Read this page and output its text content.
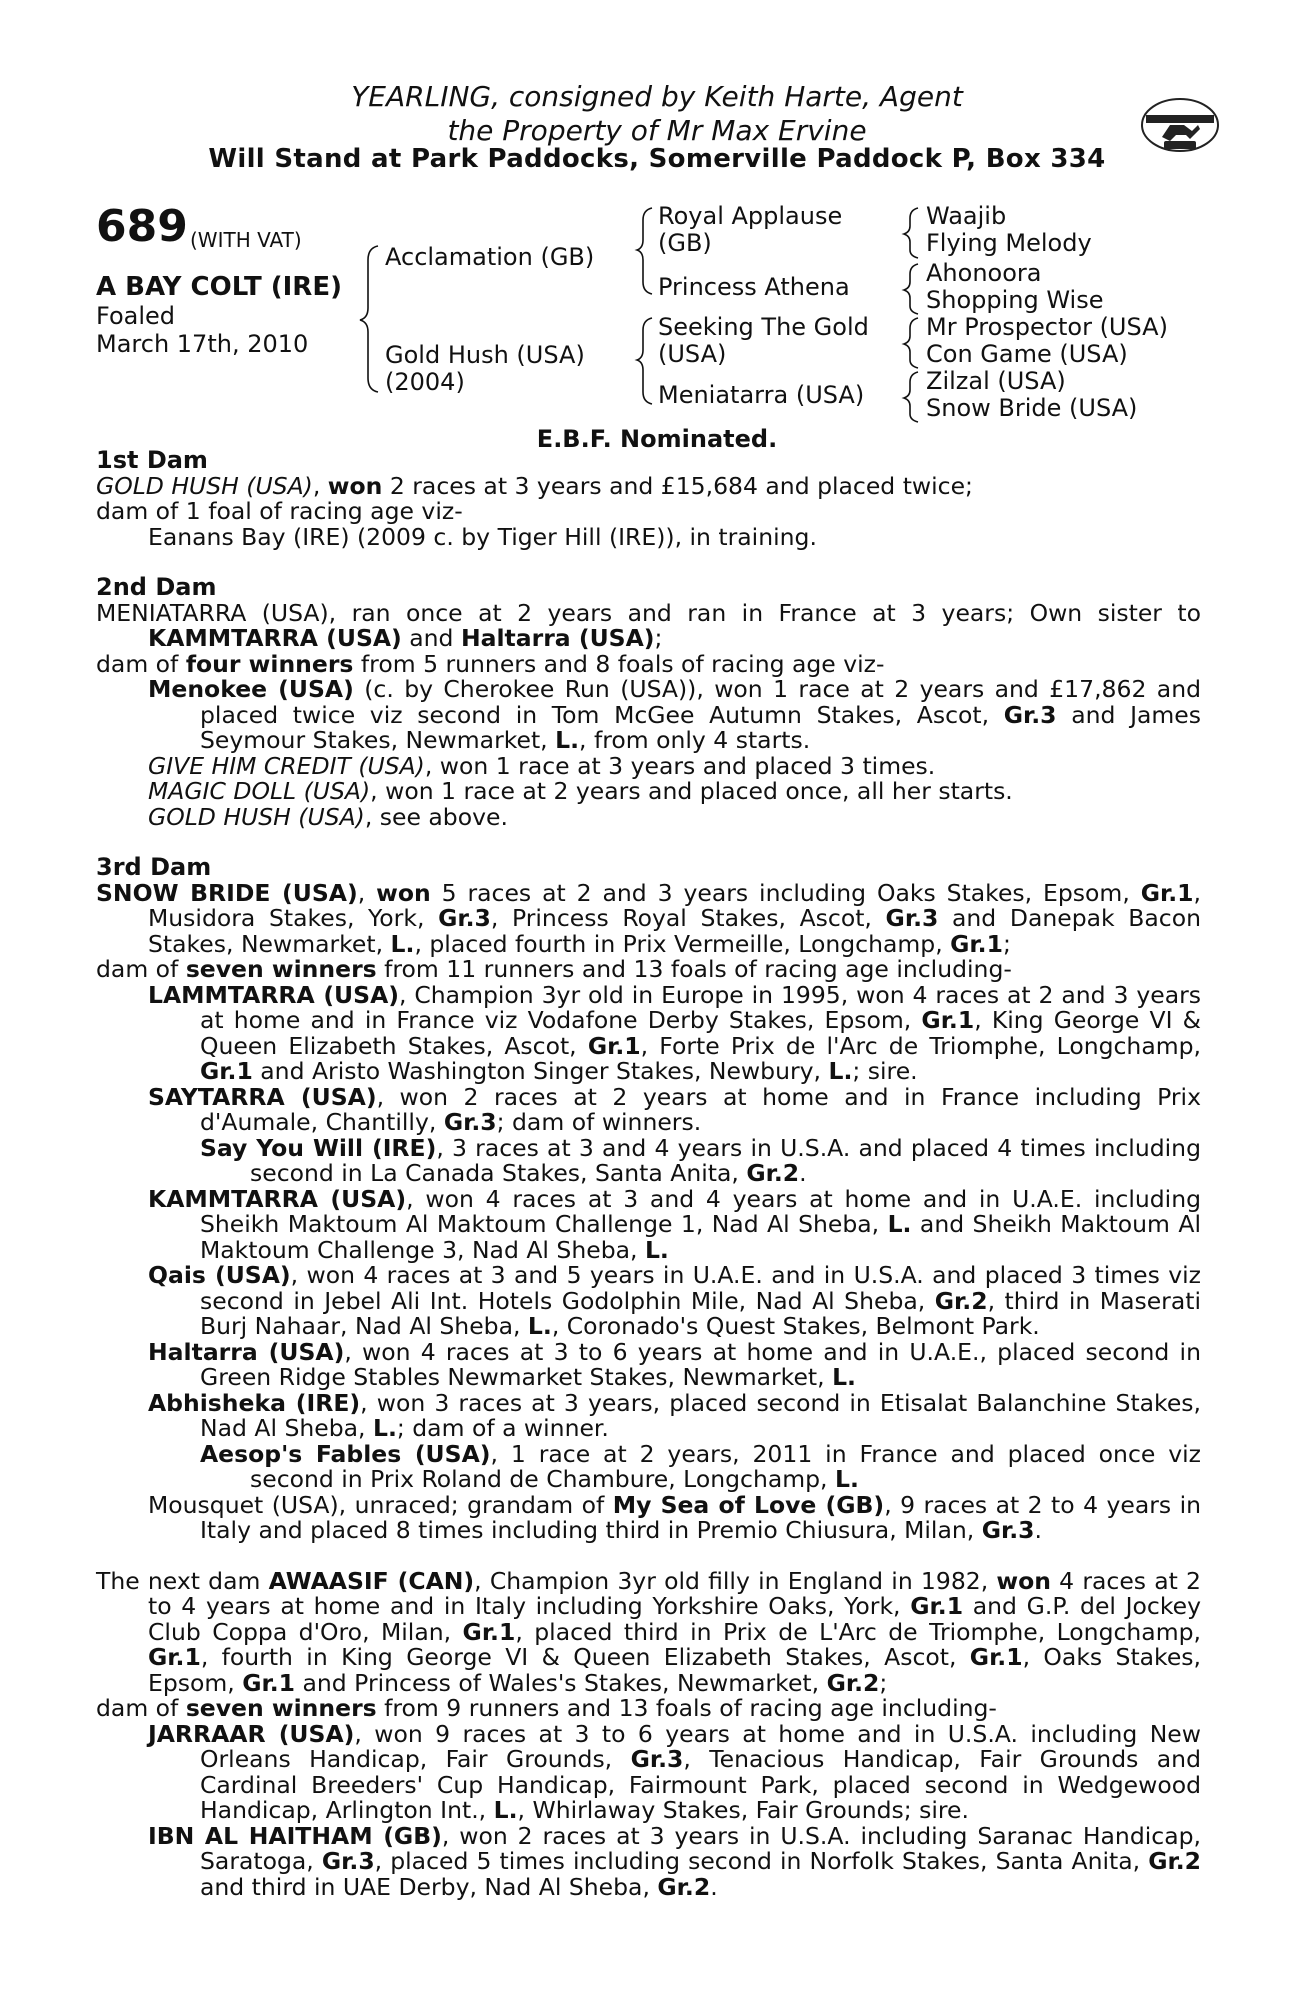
YEARLING, consigned by Keith Harte, Agent
the Property of Mr Max Ervine
Will Stand at Park Paddocks, Somerville Paddock P, Box 334
689 (WITH VAT)
A BAY COLT (IRE)
Foaled
March 17th, 2010
Acclamation (GB)
Gold Hush (USA)
(2004)
Royal Applause
(GB)
Princess Athena
Seeking The Gold
(USA)
Meniatarra (USA)
Waajib
Flying Melody
Ahonoora
Shopping Wise
Mr Prospector (USA)
Con Game (USA)
Zilzal (USA)
Snow Bride (USA)
E.B.F. Nominated.
1st Dam
GOLD HUSH (USA), won 2 races at 3 years and £15,684 and placed twice;
dam of 1 foal of racing age viz-
Eanans Bay (IRE) (2009 c. by Tiger Hill (IRE)), in training.
2nd Dam
MENIATARRA (USA), ran once at 2 years and ran in France at 3 years; Own sister to KAMMTARRA (USA) and Haltarra (USA);
dam of four winners from 5 runners and 8 foals of racing age viz-
Menokee (USA) (c. by Cherokee Run (USA)), won 1 race at 2 years and £17,862 and placed twice viz second in Tom McGee Autumn Stakes, Ascot, Gr.3 and James Seymour Stakes, Newmarket, L., from only 4 starts.
GIVE HIM CREDIT (USA), won 1 race at 3 years and placed 3 times.
MAGIC DOLL (USA), won 1 race at 2 years and placed once, all her starts.
GOLD HUSH (USA), see above.
3rd Dam
SNOW BRIDE (USA), won 5 races at 2 and 3 years including Oaks Stakes, Epsom, Gr.1, Musidora Stakes, York, Gr.3, Princess Royal Stakes, Ascot, Gr.3 and Danepak Bacon Stakes, Newmarket, L., placed fourth in Prix Vermeille, Longchamp, Gr.1;
dam of seven winners from 11 runners and 13 foals of racing age including-
LAMMTARRA (USA), Champion 3yr old in Europe in 1995, won 4 races at 2 and 3 years at home and in France viz Vodafone Derby Stakes, Epsom, Gr.1, King George VI & Queen Elizabeth Stakes, Ascot, Gr.1, Forte Prix de l'Arc de Triomphe, Longchamp, Gr.1 and Aristo Washington Singer Stakes, Newbury, L.; sire.
SAYTARRA (USA), won 2 races at 2 years at home and in France including Prix d'Aumale, Chantilly, Gr.3; dam of winners.
Say You Will (IRE), 3 races at 3 and 4 years in U.S.A. and placed 4 times including second in La Canada Stakes, Santa Anita, Gr.2.
KAMMTARRA (USA), won 4 races at 3 and 4 years at home and in U.A.E. including Sheikh Maktoum Al Maktoum Challenge 1, Nad Al Sheba, L. and Sheikh Maktoum Al Maktoum Challenge 3, Nad Al Sheba, L.
Qais (USA), won 4 races at 3 and 5 years in U.A.E. and in U.S.A. and placed 3 times viz second in Jebel Ali Int. Hotels Godolphin Mile, Nad Al Sheba, Gr.2, third in Maserati Burj Nahaar, Nad Al Sheba, L., Coronado's Quest Stakes, Belmont Park.
Haltarra (USA), won 4 races at 3 to 6 years at home and in U.A.E., placed second in Green Ridge Stables Newmarket Stakes, Newmarket, L.
Abhisheka (IRE), won 3 races at 3 years, placed second in Etisalat Balanchine Stakes, Nad Al Sheba, L.; dam of a winner.
Aesop's Fables (USA), 1 race at 2 years, 2011 in France and placed once viz second in Prix Roland de Chambure, Longchamp, L.
Mousquet (USA), unraced; grandam of My Sea of Love (GB), 9 races at 2 to 4 years in Italy and placed 8 times including third in Premio Chiusura, Milan, Gr.3.
The next dam AWAASIF (CAN), Champion 3yr old filly in England in 1982, won 4 races at 2 to 4 years at home and in Italy including Yorkshire Oaks, York, Gr.1 and G.P. del Jockey Club Coppa d'Oro, Milan, Gr.1, placed third in Prix de L'Arc de Triomphe, Longchamp, Gr.1, fourth in King George VI & Queen Elizabeth Stakes, Ascot, Gr.1, Oaks Stakes, Epsom, Gr.1 and Princess of Wales's Stakes, Newmarket, Gr.2;
dam of seven winners from 9 runners and 13 foals of racing age including-
JARRAAR (USA), won 9 races at 3 to 6 years at home and in U.S.A. including New Orleans Handicap, Fair Grounds, Gr.3, Tenacious Handicap, Fair Grounds and Cardinal Breeders' Cup Handicap, Fairmount Park, placed second in Wedgewood Handicap, Arlington Int., L., Whirlaway Stakes, Fair Grounds; sire.
IBN AL HAITHAM (GB), won 2 races at 3 years in U.S.A. including Saranac Handicap, Saratoga, Gr.3, placed 5 times including second in Norfolk Stakes, Santa Anita, Gr.2 and third in UAE Derby, Nad Al Sheba, Gr.2.
